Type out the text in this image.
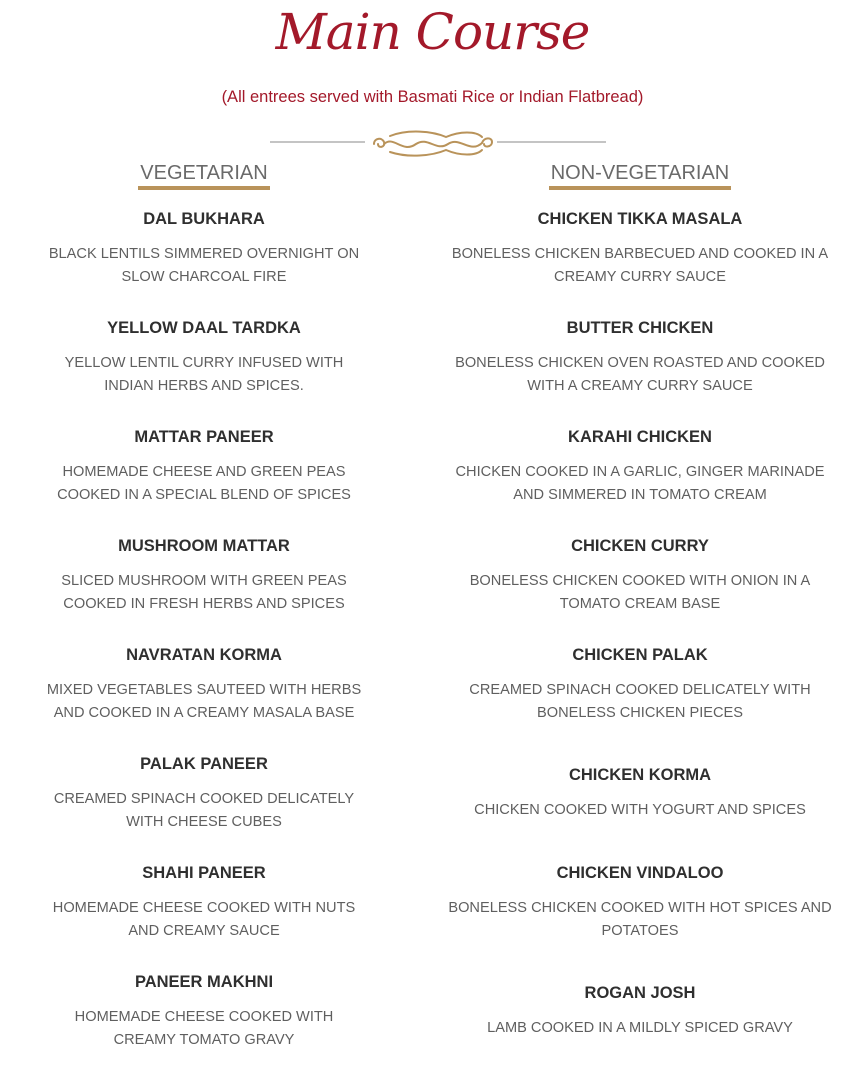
Main Course
(All entrees served with Basmati Rice or Indian Flatbread)
VEGETARIAN
DAL BUKHARA
BLACK LENTILS SIMMERED OVERNIGHT ON
SLOW CHARCOAL FIRE
YELLOW DAAL TARDKA
YELLOW LENTIL CURRY INFUSED WITH
INDIAN HERBS AND SPICES.
MATTAR PANEER
HOMEMADE CHEESE AND GREEN PEAS
COOKED IN A SPECIAL BLEND OF SPICES
MUSHROOM MATTAR
SLICED MUSHROOM WITH GREEN PEAS
COOKED IN FRESH HERBS AND SPICES
NAVRATAN KORMA
MIXED VEGETABLES SAUTEED WITH HERBS
AND COOKED IN A CREAMY MASALA BASE
PALAK PANEER
CREAMED SPINACH COOKED DELICATELY
WITH CHEESE CUBES
SHAHI PANEER
HOMEMADE CHEESE COOKED WITH NUTS
AND CREAMY SAUCE
PANEER MAKHNI
HOMEMADE CHEESE COOKED WITH
CREAMY TOMATO GRAVY
NON-VEGETARIAN
CHICKEN TIKKA MASALA
BONELESS CHICKEN BARBECUED AND COOKED IN A
CREAMY CURRY SAUCE
BUTTER CHICKEN
BONELESS CHICKEN OVEN ROASTED AND COOKED
WITH A CREAMY CURRY SAUCE
KARAHI CHICKEN
CHICKEN COOKED IN A GARLIC, GINGER MARINADE
AND SIMMERED IN TOMATO CREAM
CHICKEN CURRY
BONELESS CHICKEN COOKED WITH ONION IN A
TOMATO CREAM BASE
CHICKEN PALAK
CREAMED SPINACH COOKED DELICATELY WITH
BONELESS CHICKEN PIECES
CHICKEN KORMA
CHICKEN COOKED WITH YOGURT AND SPICES
CHICKEN VINDALOO
BONELESS CHICKEN COOKED WITH HOT SPICES AND
POTATOES
ROGAN JOSH
LAMB COOKED IN A MILDLY SPICED GRAVY
